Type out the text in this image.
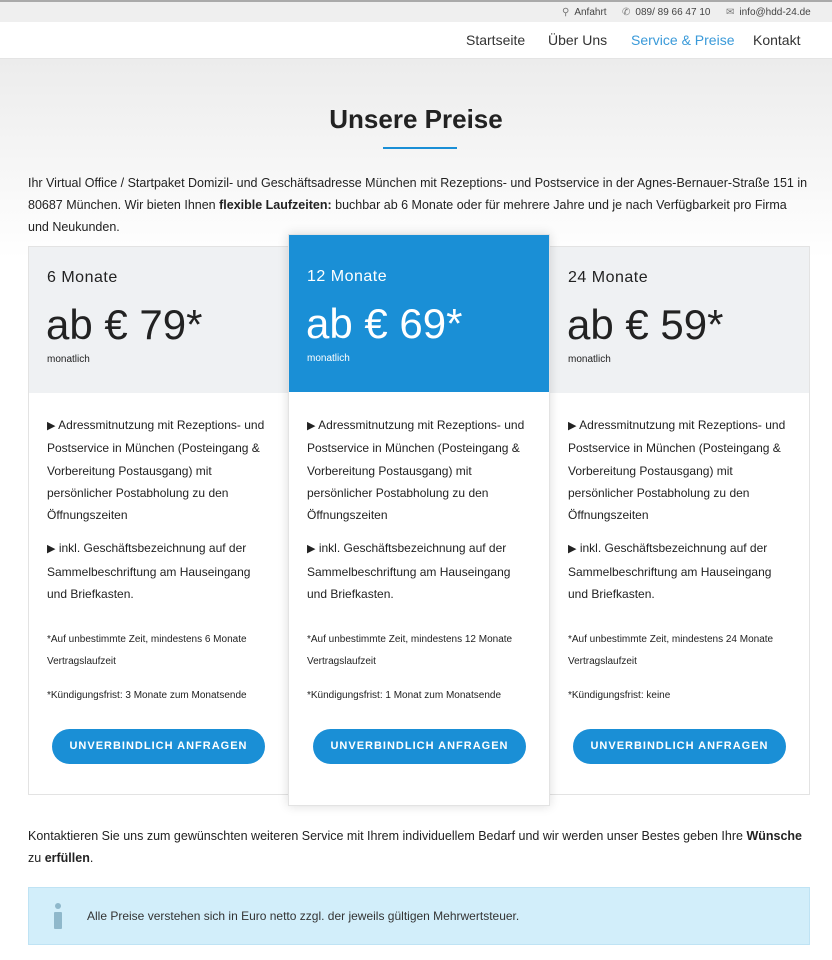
⚲ Anfahrt ✆ 089/ 89 66 47 10 ✉ info@hdd-24.de
Startseite Über Uns Service & Preise Kontakt
Unsere Preise

Ihr Virtual Office / Startpaket Domizil- und Geschäftsadresse München mit Rezeptions- und Postservice in der Agnes-Bernauer-Straße 151 in 80687 München. Wir bieten Ihnen flexible Laufzeiten: buchbar ab 6 Monate oder für mehrere Jahre und je nach Verfügbarkeit pro Firma und Neukunden.

6 Monate
ab € 79*
monatlich

▶ Adressmitnutzung mit Rezeptions- und Postservice in München (Posteingang & Vorbereitung Postausgang) mit persönlicher Postabholung zu den Öffnungszeiten

▶ inkl. Geschäftsbezeichnung auf der Sammelbeschriftung am Hauseingang und Briefkasten.

*Auf unbestimmte Zeit, mindestens 6 Monate Vertragslaufzeit

*Kündigungsfrist: 3 Monate zum Monatsende

UNVERBINDLICH ANFRAGEN
12 Monate
ab € 69*
monatlich

▶ Adressmitnutzung mit Rezeptions- und Postservice in München (Posteingang & Vorbereitung Postausgang) mit persönlicher Postabholung zu den Öffnungszeiten

▶ inkl. Geschäftsbezeichnung auf der Sammelbeschriftung am Hauseingang und Briefkasten.

*Auf unbestimmte Zeit, mindestens 12 Monate Vertragslaufzeit

*Kündigungsfrist: 1 Monat zum Monatsende

UNVERBINDLICH ANFRAGEN
24 Monate
ab € 59*
monatlich

▶ Adressmitnutzung mit Rezeptions- und Postservice in München (Posteingang & Vorbereitung Postausgang) mit persönlicher Postabholung zu den Öffnungszeiten

▶ inkl. Geschäftsbezeichnung auf der Sammelbeschriftung am Hauseingang und Briefkasten.

*Auf unbestimmte Zeit, mindestens 24 Monate Vertragslaufzeit

*Kündigungsfrist: keine

UNVERBINDLICH ANFRAGEN

Kontaktieren Sie uns zum gewünschten weiteren Service mit Ihrem individuellem Bedarf und wir werden unser Bestes geben Ihre Wünsche zu erfüllen.

Alle Preise verstehen sich in Euro netto zzgl. der jeweils gültigen Mehrwertsteuer.
